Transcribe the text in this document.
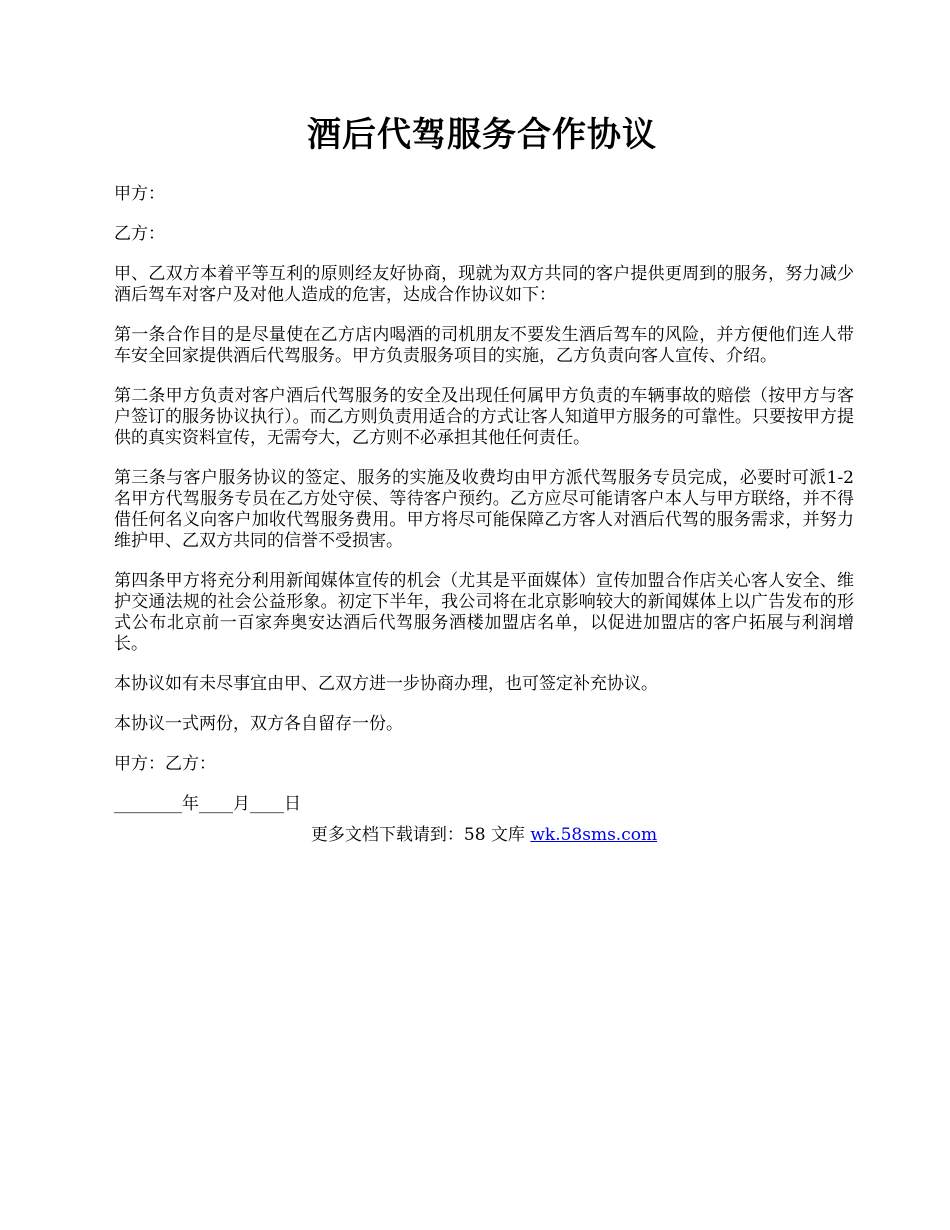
酒后代驾服务合作协议

甲方：

乙方：

甲、乙双方本着平等互利的原则经友好协商，现就为双方共同的客户提供更周到的服务，努力减少酒后驾车对客户及对他人造成的危害，达成合作协议如下：

第一条合作目的是尽量使在乙方店内喝酒的司机朋友不要发生酒后驾车的风险，并方便他们连人带车安全回家提供酒后代驾服务。甲方负责服务项目的实施，乙方负责向客人宣传、介绍。

第二条甲方负责对客户酒后代驾服务的安全及出现任何属甲方负责的车辆事故的赔偿（按甲方与客户签订的服务协议执行）。而乙方则负责用适合的方式让客人知道甲方服务的可靠性。只要按甲方提供的真实资料宣传，无需夸大，乙方则不必承担其他任何责任。

第三条与客户服务协议的签定、服务的实施及收费均由甲方派代驾服务专员完成，必要时可派1-2名甲方代驾服务专员在乙方处守侯、等待客户预约。乙方应尽可能请客户本人与甲方联络，并不得借任何名义向客户加收代驾服务费用。甲方将尽可能保障乙方客人对酒后代驾的服务需求，并努力维护甲、乙双方共同的信誉不受损害。

第四条甲方将充分利用新闻媒体宣传的机会（尤其是平面媒体）宣传加盟合作店关心客人安全、维护交通法规的社会公益形象。初定下半年，我公司将在北京影响较大的新闻媒体上以广告发布的形式公布北京前一百家奔奥安达酒后代驾服务酒楼加盟店名单，以促进加盟店的客户拓展与利润增长。

本协议如有未尽事宜由甲、乙双方进一步协商办理，也可签定补充协议。

本协议一式两份，双方各自留存一份。

甲方：乙方：

________年____月____日

更多文档下载请到：58 文库 wk.58sms.com
